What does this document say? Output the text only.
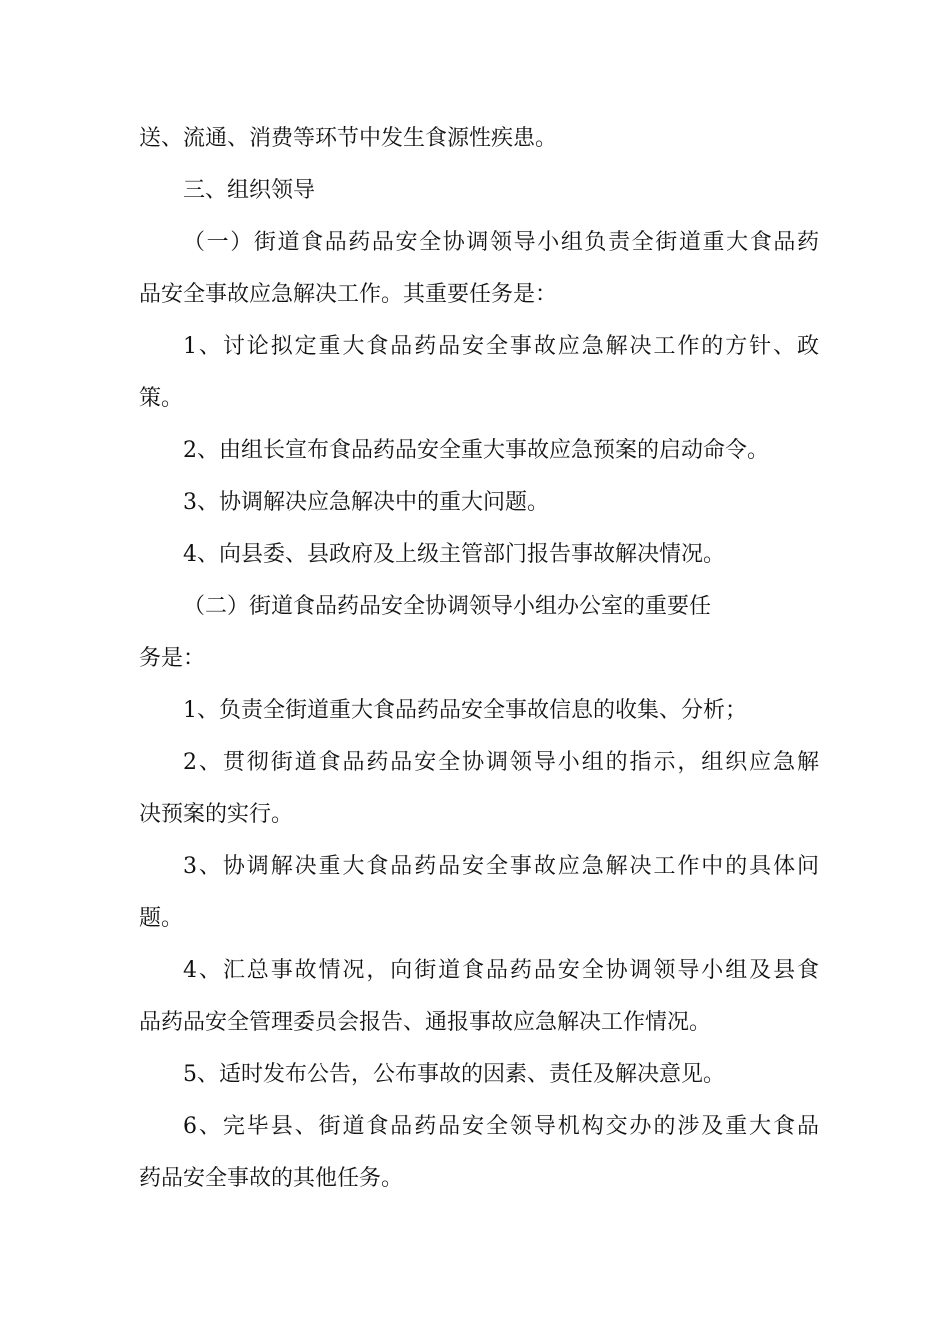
送、流通、消费等环节中发生食源性疾患。
三、组织领导
（一）街道食品药品安全协调领导小组负责全街道重大食品药
品安全事故应急解决工作。其重要任务是：
1、讨论拟定重大食品药品安全事故应急解决工作的方针、政
策。
2、由组长宣布食品药品安全重大事故应急预案的启动命令。
3、协调解决应急解决中的重大问题。
4、向县委、县政府及上级主管部门报告事故解决情况。
（二）街道食品药品安全协调领导小组办公室的重要任
务是：
1、负责全街道重大食品药品安全事故信息的收集、分析；
2、贯彻街道食品药品安全协调领导小组的指示，组织应急解
决预案的实行。
3、协调解决重大食品药品安全事故应急解决工作中的具体问
题。
4、汇总事故情况，向街道食品药品安全协调领导小组及县食
品药品安全管理委员会报告、通报事故应急解决工作情况。
5、适时发布公告，公布事故的因素、责任及解决意见。
6、完毕县、街道食品药品安全领导机构交办的涉及重大食品
药品安全事故的其他任务。
